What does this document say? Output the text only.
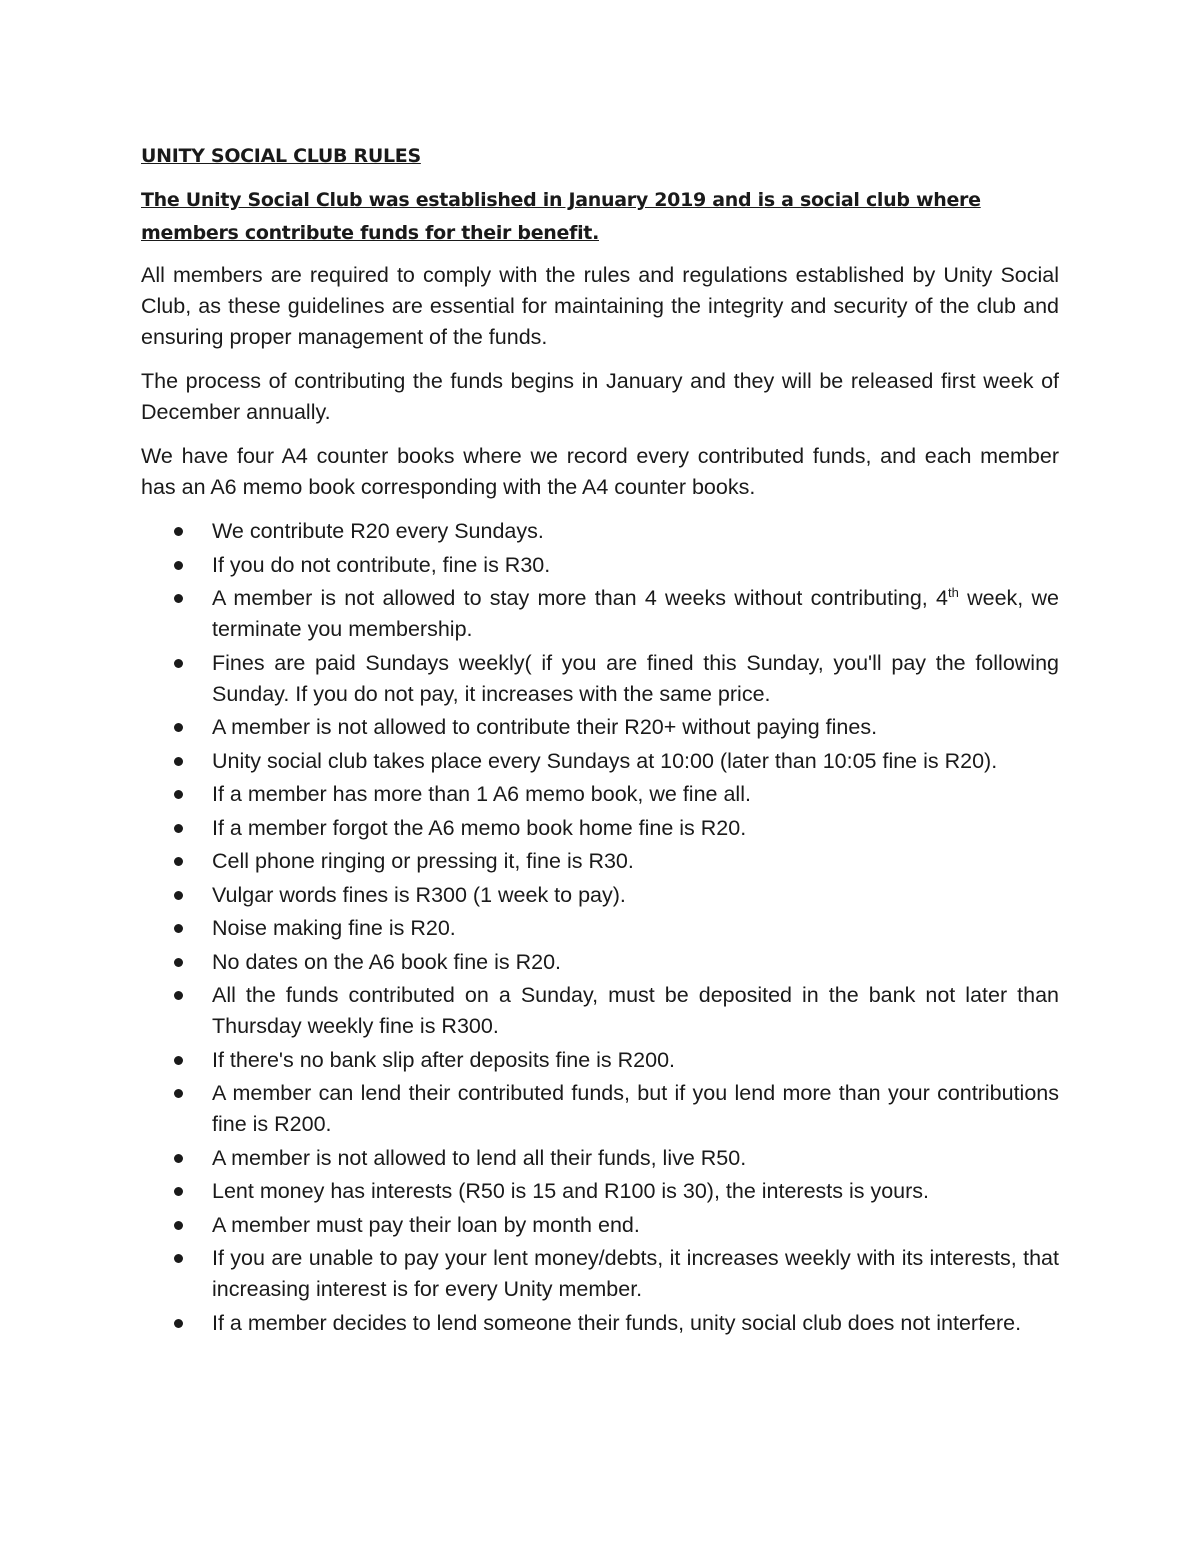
UNITY SOCIAL CLUB RULES
The Unity Social Club was established in January 2019 and is a social club where members contribute funds for their benefit.

All members are required to comply with the rules and regulations established by Unity Social Club, as these guidelines are essential for maintaining the integrity and security of the club and ensuring proper management of the funds.

The process of contributing the funds begins in January and they will be released first week of December annually.

We have four A4 counter books where we record every contributed funds, and each member has an A6 memo book corresponding with the A4 counter books.

We contribute R20 every Sundays.
If you do not contribute, fine is R30.
A member is not allowed to stay more than 4 weeks without contributing, 4th week, we terminate you membership.
Fines are paid Sundays weekly( if you are fined this Sunday, you'll pay the following Sunday. If you do not pay, it increases with the same price.
A member is not allowed to contribute their R20+ without paying fines.
Unity social club takes place every Sundays at 10:00 (later than 10:05 fine is R20).
If a member has more than 1 A6 memo book, we fine all.
If a member forgot the A6 memo book home fine is R20.
Cell phone ringing or pressing it, fine is R30.
Vulgar words fines is R300 (1 week to pay).
Noise making fine is R20.
No dates on the A6 book fine is R20.
All the funds contributed on a Sunday, must be deposited in the bank not later than Thursday weekly fine is R300.
If there's no bank slip after deposits fine is R200.
A member can lend their contributed funds, but if you lend more than your contributions fine is R200.
A member is not allowed to lend all their funds, live R50.
Lent money has interests (R50 is 15 and R100 is 30), the interests is yours.
A member must pay their loan by month end.
If you are unable to pay your lent money/debts, it increases weekly with its interests, that increasing interest is for every Unity member.
If a member decides to lend someone their funds, unity social club does not interfere.
